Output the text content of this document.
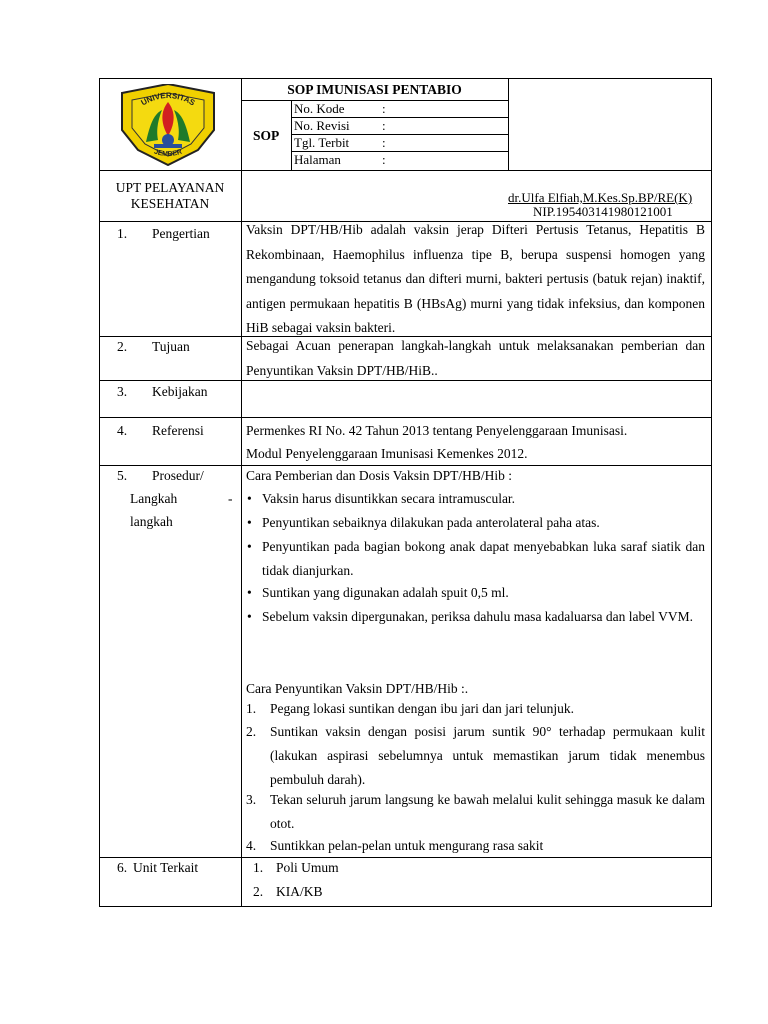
UNIVERSITAS
JEMBER
SOP IMUNISASI PENTABIO
SOP
No. Kode	:
No. Revisi :
Tgl. Terbit	:
Halaman	:
UPT PELAYANAN
KESEHATAN	dr.Ulfa Elfiah,M.Kes.Sp.BP/RE(K)
NIP.195403141980121001
1. Pengertian	Vaksin DPT/HB/Hib adalah vaksin jerap Difteri Pertusis Tetanus, Hepatitis B Rekombinaan, Haemophilus influenza tipe B, berupa suspensi homogen yang mengandung toksoid tetanus dan difteri murni, bakteri pertusis (batuk rejan) inaktif, antigen permukaan hepatitis B (HBsAg) murni yang tidak infeksius, dan komponen HiB sebagai vaksin bakteri.
2. Tujuan	Sebagai Acuan penerapan langkah-langkah untuk melaksanakan pemberian dan Penyuntikan Vaksin DPT/HB/HiB..
3. Kebijakan
4. Referensi	Permenkes RI No. 42 Tahun 2013 tentang Penyelenggaraan Imunisasi.
Modul Penyelenggaraan Imunisasi Kemenkes 2012.
5. Prosedur/
Langkah	-
langkah
Cara Pemberian dan Dosis Vaksin DPT/HB/Hib :
• Vaksin harus disuntikkan secara intramuscular.
• Penyuntikan sebaiknya dilakukan pada anterolateral paha atas.
• Penyuntikan pada bagian bokong anak dapat menyebabkan luka saraf siatik dan tidak dianjurkan.
• Suntikan yang digunakan adalah spuit 0,5 ml.
• Sebelum vaksin dipergunakan, periksa dahulu masa kadaluarsa dan label VVM.
Cara Penyuntikan Vaksin DPT/HB/Hib :.
1. Pegang lokasi suntikan dengan ibu jari dan jari telunjuk.
2. Suntikan vaksin dengan posisi jarum suntik 90° terhadap permukaan kulit (lakukan aspirasi sebelumnya untuk memastikan jarum tidak menembus pembuluh darah).
3. Tekan seluruh jarum langsung ke bawah melalui kulit sehingga masuk ke dalam otot.
4. Suntikkan pelan-pelan untuk mengurang rasa sakit
6. Unit Terkait	1. Poli Umum
2. KIA/KB
